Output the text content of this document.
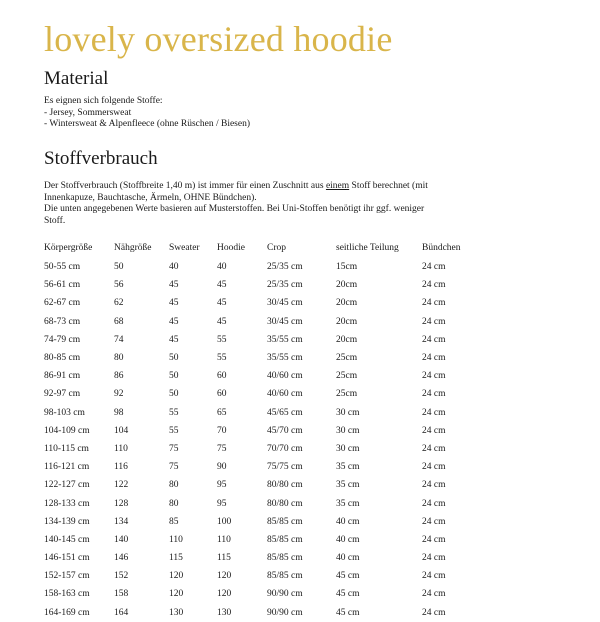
lovely oversized hoodie
Material
Es eignen sich folgende Stoffe:
- Jersey, Sommersweat
- Wintersweat & Alpenfleece (ohne Rüschen / Biesen)
Stoffverbrauch
Der Stoffverbrauch (Stoffbreite 1,40 m) ist immer für einen Zuschnitt aus einem Stoff berechnet (mit
Innenkapuze, Bauchtasche, Ärmeln, OHNE Bündchen).
Die unten angegebenen Werte basieren auf Musterstoffen. Bei Uni-Stoffen benötigt ihr ggf. weniger
Stoff.
Körpergröße	Nähgröße	Sweater	Hoodie	Crop	seitliche Teilung	Bündchen
50-55 cm	50	40	40	25/35 cm	15cm	24 cm
56-61 cm	56	45	45	25/35 cm	20cm	24 cm
62-67 cm	62	45	45	30/45 cm	20cm	24 cm
68-73 cm	68	45	45	30/45 cm	20cm	24 cm
74-79 cm	74	45	55	35/55 cm	20cm	24 cm
80-85 cm	80	50	55	35/55 cm	25cm	24 cm
86-91 cm	86	50	60	40/60 cm	25cm	24 cm
92-97 cm	92	50	60	40/60 cm	25cm	24 cm
98-103 cm	98	55	65	45/65 cm	30 cm	24 cm
104-109 cm	104	55	70	45/70 cm	30 cm	24 cm
110-115 cm	110	75	75	70/70 cm	30 cm	24 cm
116-121 cm	116	75	90	75/75 cm	35 cm	24 cm
122-127 cm	122	80	95	80/80 cm	35 cm	24 cm
128-133 cm	128	80	95	80/80 cm	35 cm	24 cm
134-139 cm	134	85	100	85/85 cm	40 cm	24 cm
140-145 cm	140	110	110	85/85 cm	40 cm	24 cm
146-151 cm	146	115	115	85/85 cm	40 cm	24 cm
152-157 cm	152	120	120	85/85 cm	45 cm	24 cm
158-163 cm	158	120	120	90/90 cm	45 cm	24 cm
164-169 cm	164	130	130	90/90 cm	45 cm	24 cm
